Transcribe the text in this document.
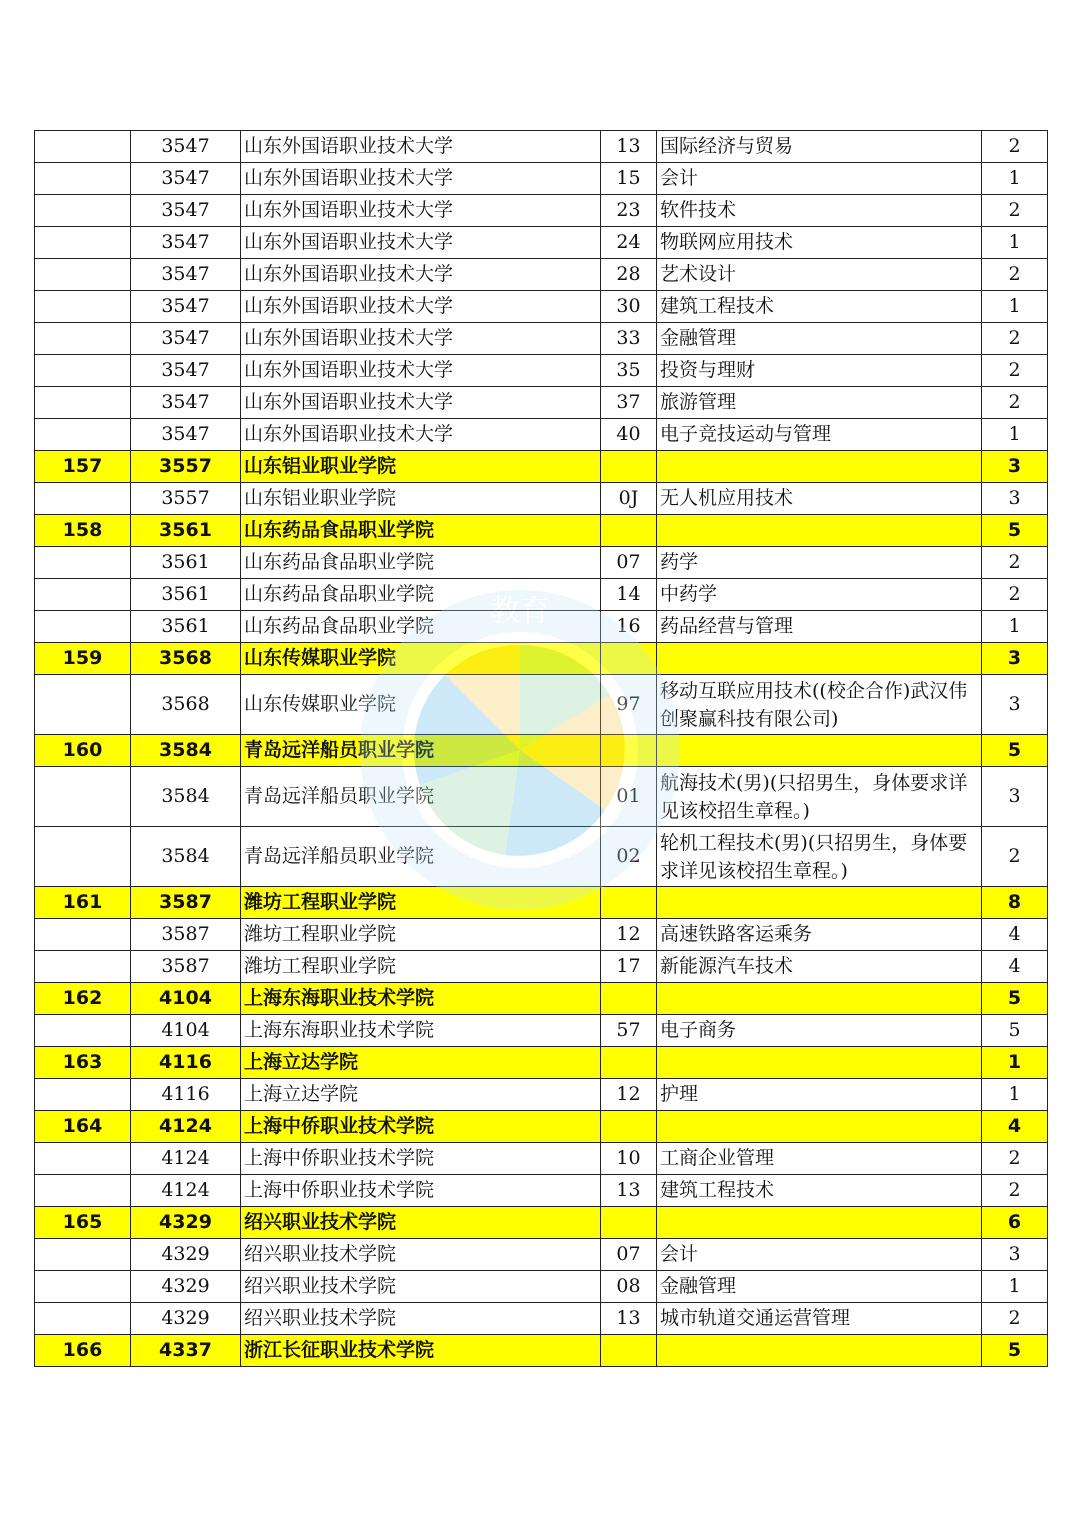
	3547	山东外国语职业技术大学	13	国际经济与贸易	2
	3547	山东外国语职业技术大学	15	会计	1
	3547	山东外国语职业技术大学	23	软件技术	2
	3547	山东外国语职业技术大学	24	物联网应用技术	1
	3547	山东外国语职业技术大学	28	艺术设计	2
	3547	山东外国语职业技术大学	30	建筑工程技术	1
	3547	山东外国语职业技术大学	33	金融管理	2
	3547	山东外国语职业技术大学	35	投资与理财	2
	3547	山东外国语职业技术大学	37	旅游管理	2
	3547	山东外国语职业技术大学	40	电子竞技运动与管理	1
157	3557	山东铝业职业学院			3
	3557	山东铝业职业学院	0J	无人机应用技术	3
158	3561	山东药品食品职业学院			5
	3561	山东药品食品职业学院	07	药学	2
	3561	山东药品食品职业学院	14	中药学	2
	3561	山东药品食品职业学院	16	药品经营与管理	1
159	3568	山东传媒职业学院			3
	3568	山东传媒职业学院	97	移动互联应用技术((校企合作)武汉伟创聚赢科技有限公司)	3
160	3584	青岛远洋船员职业学院			5
	3584	青岛远洋船员职业学院	01	航海技术(男)(只招男生，身体要求详见该校招生章程。)	3
	3584	青岛远洋船员职业学院	02	轮机工程技术(男)(只招男生，身体要求详见该校招生章程。)	2
161	3587	潍坊工程职业学院			8
	3587	潍坊工程职业学院	12	高速铁路客运乘务	4
	3587	潍坊工程职业学院	17	新能源汽车技术	4
162	4104	上海东海职业技术学院			5
	4104	上海东海职业技术学院	57	电子商务	5
163	4116	上海立达学院			1
	4116	上海立达学院	12	护理	1
164	4124	上海中侨职业技术学院			4
	4124	上海中侨职业技术学院	10	工商企业管理	2
	4124	上海中侨职业技术学院	13	建筑工程技术	2
165	4329	绍兴职业技术学院			6
	4329	绍兴职业技术学院	07	会计	3
	4329	绍兴职业技术学院	08	金融管理	1
	4329	绍兴职业技术学院	13	城市轨道交通运营管理	2
166	4337	浙江长征职业技术学院			5
教育
